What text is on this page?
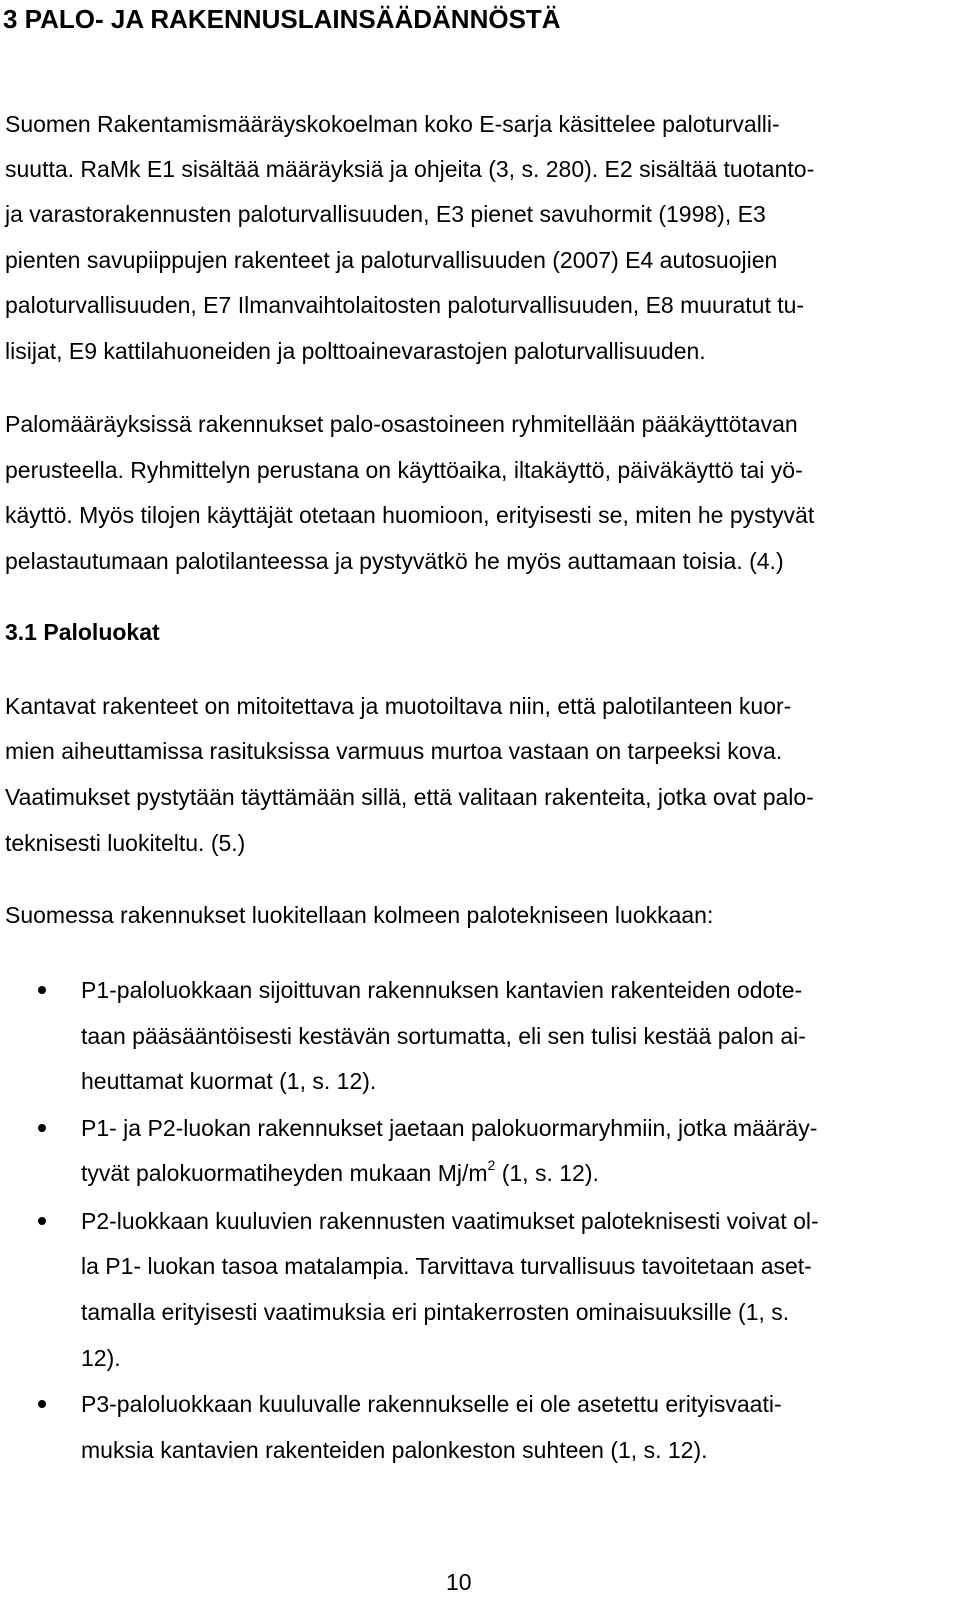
3 PALO- JA RAKENNUSLAINSÄÄDÄNNÖSTÄ
Suomen Rakentamismääräyskokoelman koko E-sarja käsittelee paloturvalli-
suutta. RaMk E1 sisältää määräyksiä ja ohjeita (3, s. 280). E2 sisältää tuotanto-
ja varastorakennusten paloturvallisuuden, E3 pienet savuhormit (1998), E3
pienten savupiippujen rakenteet ja paloturvallisuuden (2007) E4 autosuojien
paloturvallisuuden, E7 Ilmanvaihtolaitosten paloturvallisuuden, E8 muuratut tu-
lisijat, E9 kattilahuoneiden ja polttoainevarastojen paloturvallisuuden.
Palomääräyksissä rakennukset palo-osastoineen ryhmitellään pääkäyttötavan
perusteella. Ryhmittelyn perustana on käyttöaika, iltakäyttö, päiväkäyttö tai yö-
käyttö. Myös tilojen käyttäjät otetaan huomioon, erityisesti se, miten he pystyvät
pelastautumaan palotilanteessa ja pystyvätkö he myös auttamaan toisia. (4.)
3.1 Paloluokat
Kantavat rakenteet on mitoitettava ja muotoiltava niin, että palotilanteen kuor-
mien aiheuttamissa rasituksissa varmuus murtoa vastaan on tarpeeksi kova.
Vaatimukset pystytään täyttämään sillä, että valitaan rakenteita, jotka ovat palo-
teknisesti luokiteltu. (5.)
Suomessa rakennukset luokitellaan kolmeen palotekniseen luokkaan:
P1-paloluokkaan sijoittuvan rakennuksen kantavien rakenteiden odote-
taan pääsääntöisesti kestävän sortumatta, eli sen tulisi kestää palon ai-
heuttamat kuormat (1, s. 12).
P1- ja P2-luokan rakennukset jaetaan palokuormaryhmiin, jotka määräy-
tyvät palokuormatiheyden mukaan $Mj/m^2$ (1, s. 12).
P2-luokkaan kuuluvien rakennusten vaatimukset paloteknisesti voivat ol-
la P1- luokan tasoa matalampia. Tarvittava turvallisuus tavoitetaan aset-
tamalla erityisesti vaatimuksia eri pintakerrosten ominaisuuksille (1, s.
12).
P3-paloluokkaan kuuluvalle rakennukselle ei ole asetettu erityisvaati-
muksia kantavien rakenteiden palonkeston suhteen (1, s. 12).
10
